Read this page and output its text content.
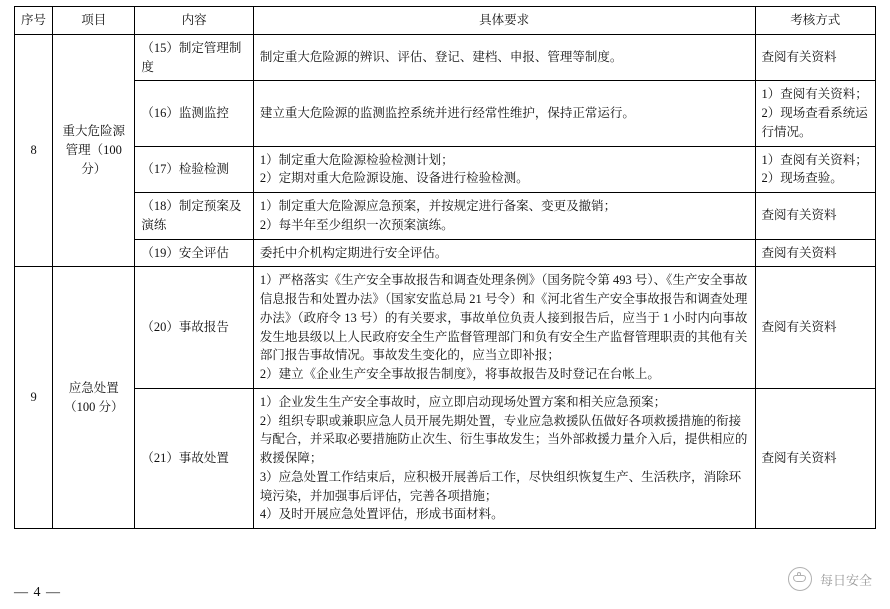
序号	项目	内容	具体要求	考核方式
8	重大危险源管理（100 分）	（15）制定管理制度	制定重大危险源的辨识、评估、登记、建档、申报、管理等制度。	查阅有关资料

		（16）监测监控	建立重大危险源的监测监控系统并进行经常性维护，保持正常运行。	1）查阅有关资料；
2）现场查看系统运行情况。

		（17）检验检测	1）制定重大危险源检验检测计划；
2）定期对重大危险源设施、设备进行检验检测。	1）查阅有关资料；
2）现场查验。

		（18）制定预案及演练	1）制定重大危险源应急预案，并按规定进行备案、变更及撤销；
2）每半年至少组织一次预案演练。	查阅有关资料

		（19）安全评估	委托中介机构定期进行安全评估。	查阅有关资料

9	应急处置（100 分）	（20）事故报告	1）严格落实《生产安全事故报告和调查处理条例》（国务院令第 493 号）、《生产安全事故信息报告和处置办法》（国家安监总局 21 号令）和《河北省生产安全事故报告和调查处理办法》（政府令 13 号）的有关要求，事故单位负责人接到报告后，应当于 1 小时内向事故发生地县级以上人民政府安全生产监督管理部门和负有安全生产监督管理职责的其他有关部门报告事故情况。事故发生变化的，应当立即补报；
2）建立《企业生产安全事故报告制度》，将事故报告及时登记在台帐上。	查阅有关资料

		（21）事故处置	1）企业发生生产安全事故时，应立即启动现场处置方案和相关应急预案；
2）组织专职或兼职应急人员开展先期处置，专业应急救援队伍做好各项救援措施的衔接与配合，并采取必要措施防止次生、衍生事故发生；当外部救援力量介入后，提供相应的救援保障；
3）应急处置工作结束后，应积极开展善后工作，尽快组织恢复生产、生活秩序，消除环境污染，并加强事后评估，完善各项措施；
4）及时开展应急处置评估，形成书面材料。	查阅有关资料
— 4 —
每日安全
